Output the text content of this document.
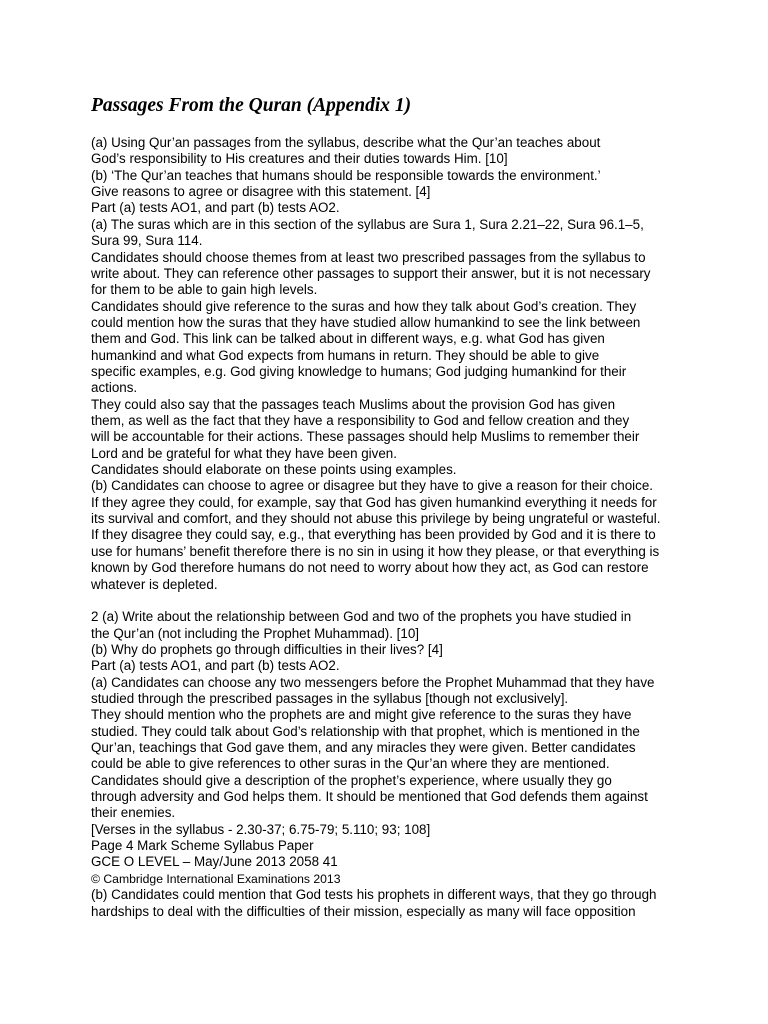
Passages From the Quran (Appendix 1)

(a) Using Qur’an passages from the syllabus, describe what the Qur’an teaches about

God’s responsibility to His creatures and their duties towards Him. [10]

(b) ‘The Qur’an teaches that humans should be responsible towards the environment.’

Give reasons to agree or disagree with this statement. [4]

Part (a) tests AO1, and part (b) tests AO2.

(a) The suras which are in this section of the syllabus are Sura 1, Sura 2.21–22, Sura 96.1–5,

Sura 99, Sura 114.

Candidates should choose themes from at least two prescribed passages from the syllabus to

write about. They can reference other passages to support their answer, but it is not necessary

for them to be able to gain high levels.

Candidates should give reference to the suras and how they talk about God’s creation. They

could mention how the suras that they have studied allow humankind to see the link between

them and God. This link can be talked about in different ways, e.g. what God has given

humankind and what God expects from humans in return. They should be able to give

specific examples, e.g. God giving knowledge to humans; God judging humankind for their

actions.

They could also say that the passages teach Muslims about the provision God has given

them, as well as the fact that they have a responsibility to God and fellow creation and they

will be accountable for their actions. These passages should help Muslims to remember their

Lord and be grateful for what they have been given.

Candidates should elaborate on these points using examples.

(b) Candidates can choose to agree or disagree but they have to give a reason for their choice.

If they agree they could, for example, say that God has given humankind everything it needs for

its survival and comfort, and they should not abuse this privilege by being ungrateful or wasteful.

If they disagree they could say, e.g., that everything has been provided by God and it is there to

use for humans’ benefit therefore there is no sin in using it how they please, or that everything is

known by God therefore humans do not need to worry about how they act, as God can restore

whatever is depleted.

2 (a) Write about the relationship between God and two of the prophets you have studied in

the Qur’an (not including the Prophet Muhammad). [10]

(b) Why do prophets go through difficulties in their lives? [4]

Part (a) tests AO1, and part (b) tests AO2.

(a) Candidates can choose any two messengers before the Prophet Muhammad that they have

studied through the prescribed passages in the syllabus [though not exclusively].

They should mention who the prophets are and might give reference to the suras they have

studied. They could talk about God’s relationship with that prophet, which is mentioned in the

Qur’an, teachings that God gave them, and any miracles they were given. Better candidates

could be able to give references to other suras in the Qur’an where they are mentioned.

Candidates should give a description of the prophet’s experience, where usually they go

through adversity and God helps them. It should be mentioned that God defends them against

their enemies.

[Verses in the syllabus - 2.30-37; 6.75-79; 5.110; 93; 108]

Page 4 Mark Scheme Syllabus Paper

GCE O LEVEL – May/June 2013 2058 41

© Cambridge International Examinations 2013

(b) Candidates could mention that God tests his prophets in different ways, that they go through

hardships to deal with the difficulties of their mission, especially as many will face opposition
